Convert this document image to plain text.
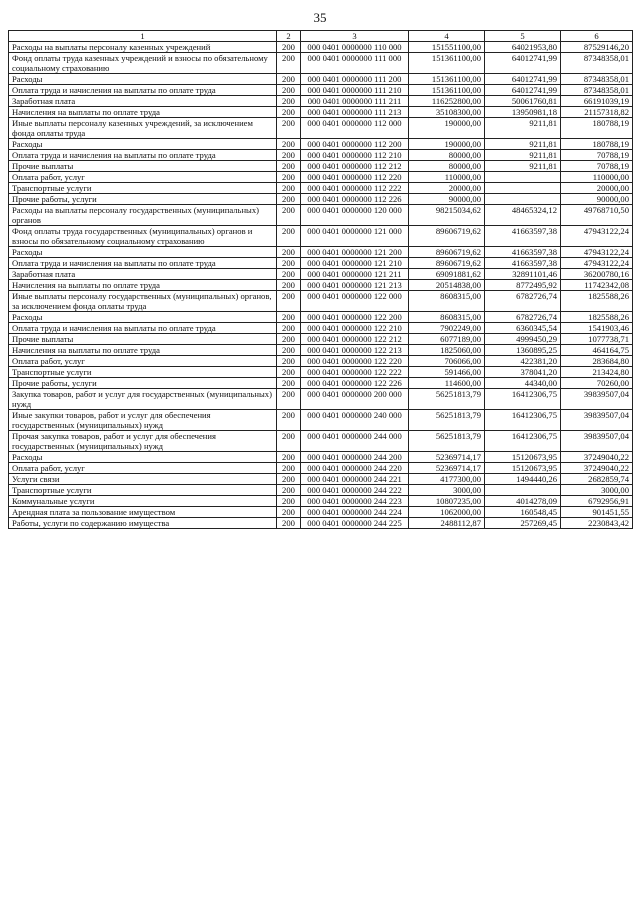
35
1	2	3	4	5	6
Расходы на выплаты персоналу казенных учреждений	200	000 0401 0000000 110 000	151551100,00	64021953,80	87529146,20
Фонд оплаты труда казенных учреждений и взносы по обязательному социальному страхованию	200	000 0401 0000000 111 000	151361100,00	64012741,99	87348358,01
Расходы	200	000 0401 0000000 111 200	151361100,00	64012741,99	87348358,01
Оплата труда и начисления на выплаты по оплате труда	200	000 0401 0000000 111 210	151361100,00	64012741,99	87348358,01
Заработная плата	200	000 0401 0000000 111 211	116252800,00	50061760,81	66191039,19
Начисления на выплаты по оплате труда	200	000 0401 0000000 111 213	35108300,00	13950981,18	21157318,82
Иные выплаты персоналу казенных учреждений, за исключением фонда оплаты труда	200	000 0401 0000000 112 000	190000,00	9211,81	180788,19
Расходы	200	000 0401 0000000 112 200	190000,00	9211,81	180788,19
Оплата труда и начисления на выплаты по оплате труда	200	000 0401 0000000 112 210	80000,00	9211,81	70788,19
Прочие выплаты	200	000 0401 0000000 112 212	80000,00	9211,81	70788,19
Оплата работ, услуг	200	000 0401 0000000 112 220	110000,00		110000,00
Транспортные услуги	200	000 0401 0000000 112 222	20000,00		20000,00
Прочие работы, услуги	200	000 0401 0000000 112 226	90000,00		90000,00
Расходы на выплаты персоналу государственных (муниципальных) органов	200	000 0401 0000000 120 000	98215034,62	48465324,12	49768710,50
Фонд оплаты труда государственных (муниципальных) органов и взносы по обязательному социальному страхованию	200	000 0401 0000000 121 000	89606719,62	41663597,38	47943122,24
Расходы	200	000 0401 0000000 121 200	89606719,62	41663597,38	47943122,24
Оплата труда и начисления на выплаты по оплате труда	200	000 0401 0000000 121 210	89606719,62	41663597,38	47943122,24
Заработная плата	200	000 0401 0000000 121 211	69091881,62	32891101,46	36200780,16
Начисления на выплаты по оплате труда	200	000 0401 0000000 121 213	20514838,00	8772495,92	11742342,08
Иные выплаты персоналу государственных (муниципальных) органов, за исключением фонда оплаты труда	200	000 0401 0000000 122 000	8608315,00	6782726,74	1825588,26
Расходы	200	000 0401 0000000 122 200	8608315,00	6782726,74	1825588,26
Оплата труда и начисления на выплаты по оплате труда	200	000 0401 0000000 122 210	7902249,00	6360345,54	1541903,46
Прочие выплаты	200	000 0401 0000000 122 212	6077189,00	4999450,29	1077738,71
Начисления на выплаты по оплате труда	200	000 0401 0000000 122 213	1825060,00	1360895,25	464164,75
Оплата работ, услуг	200	000 0401 0000000 122 220	706066,00	422381,20	283684,80
Транспортные услуги	200	000 0401 0000000 122 222	591466,00	378041,20	213424,80
Прочие работы, услуги	200	000 0401 0000000 122 226	114600,00	44340,00	70260,00
Закупка товаров, работ и услуг для государственных (муниципальных) нужд	200	000 0401 0000000 200 000	56251813,79	16412306,75	39839507,04
Иные закупки товаров, работ и услуг для обеспечения государственных (муниципальных) нужд	200	000 0401 0000000 240 000	56251813,79	16412306,75	39839507,04
Прочая закупка товаров, работ и услуг для обеспечения государственных (муниципальных) нужд	200	000 0401 0000000 244 000	56251813,79	16412306,75	39839507,04
Расходы	200	000 0401 0000000 244 200	52369714,17	15120673,95	37249040,22
Оплата работ, услуг	200	000 0401 0000000 244 220	52369714,17	15120673,95	37249040,22
Услуги связи	200	000 0401 0000000 244 221	4177300,00	1494440,26	2682859,74
Транспортные услуги	200	000 0401 0000000 244 222	3000,00		3000,00
Коммунальные услуги	200	000 0401 0000000 244 223	10807235,00	4014278,09	6792956,91
Арендная плата за пользование имуществом	200	000 0401 0000000 244 224	1062000,00	160548,45	901451,55
Работы, услуги по содержанию имущества	200	000 0401 0000000 244 225	2488112,87	257269,45	2230843,42
